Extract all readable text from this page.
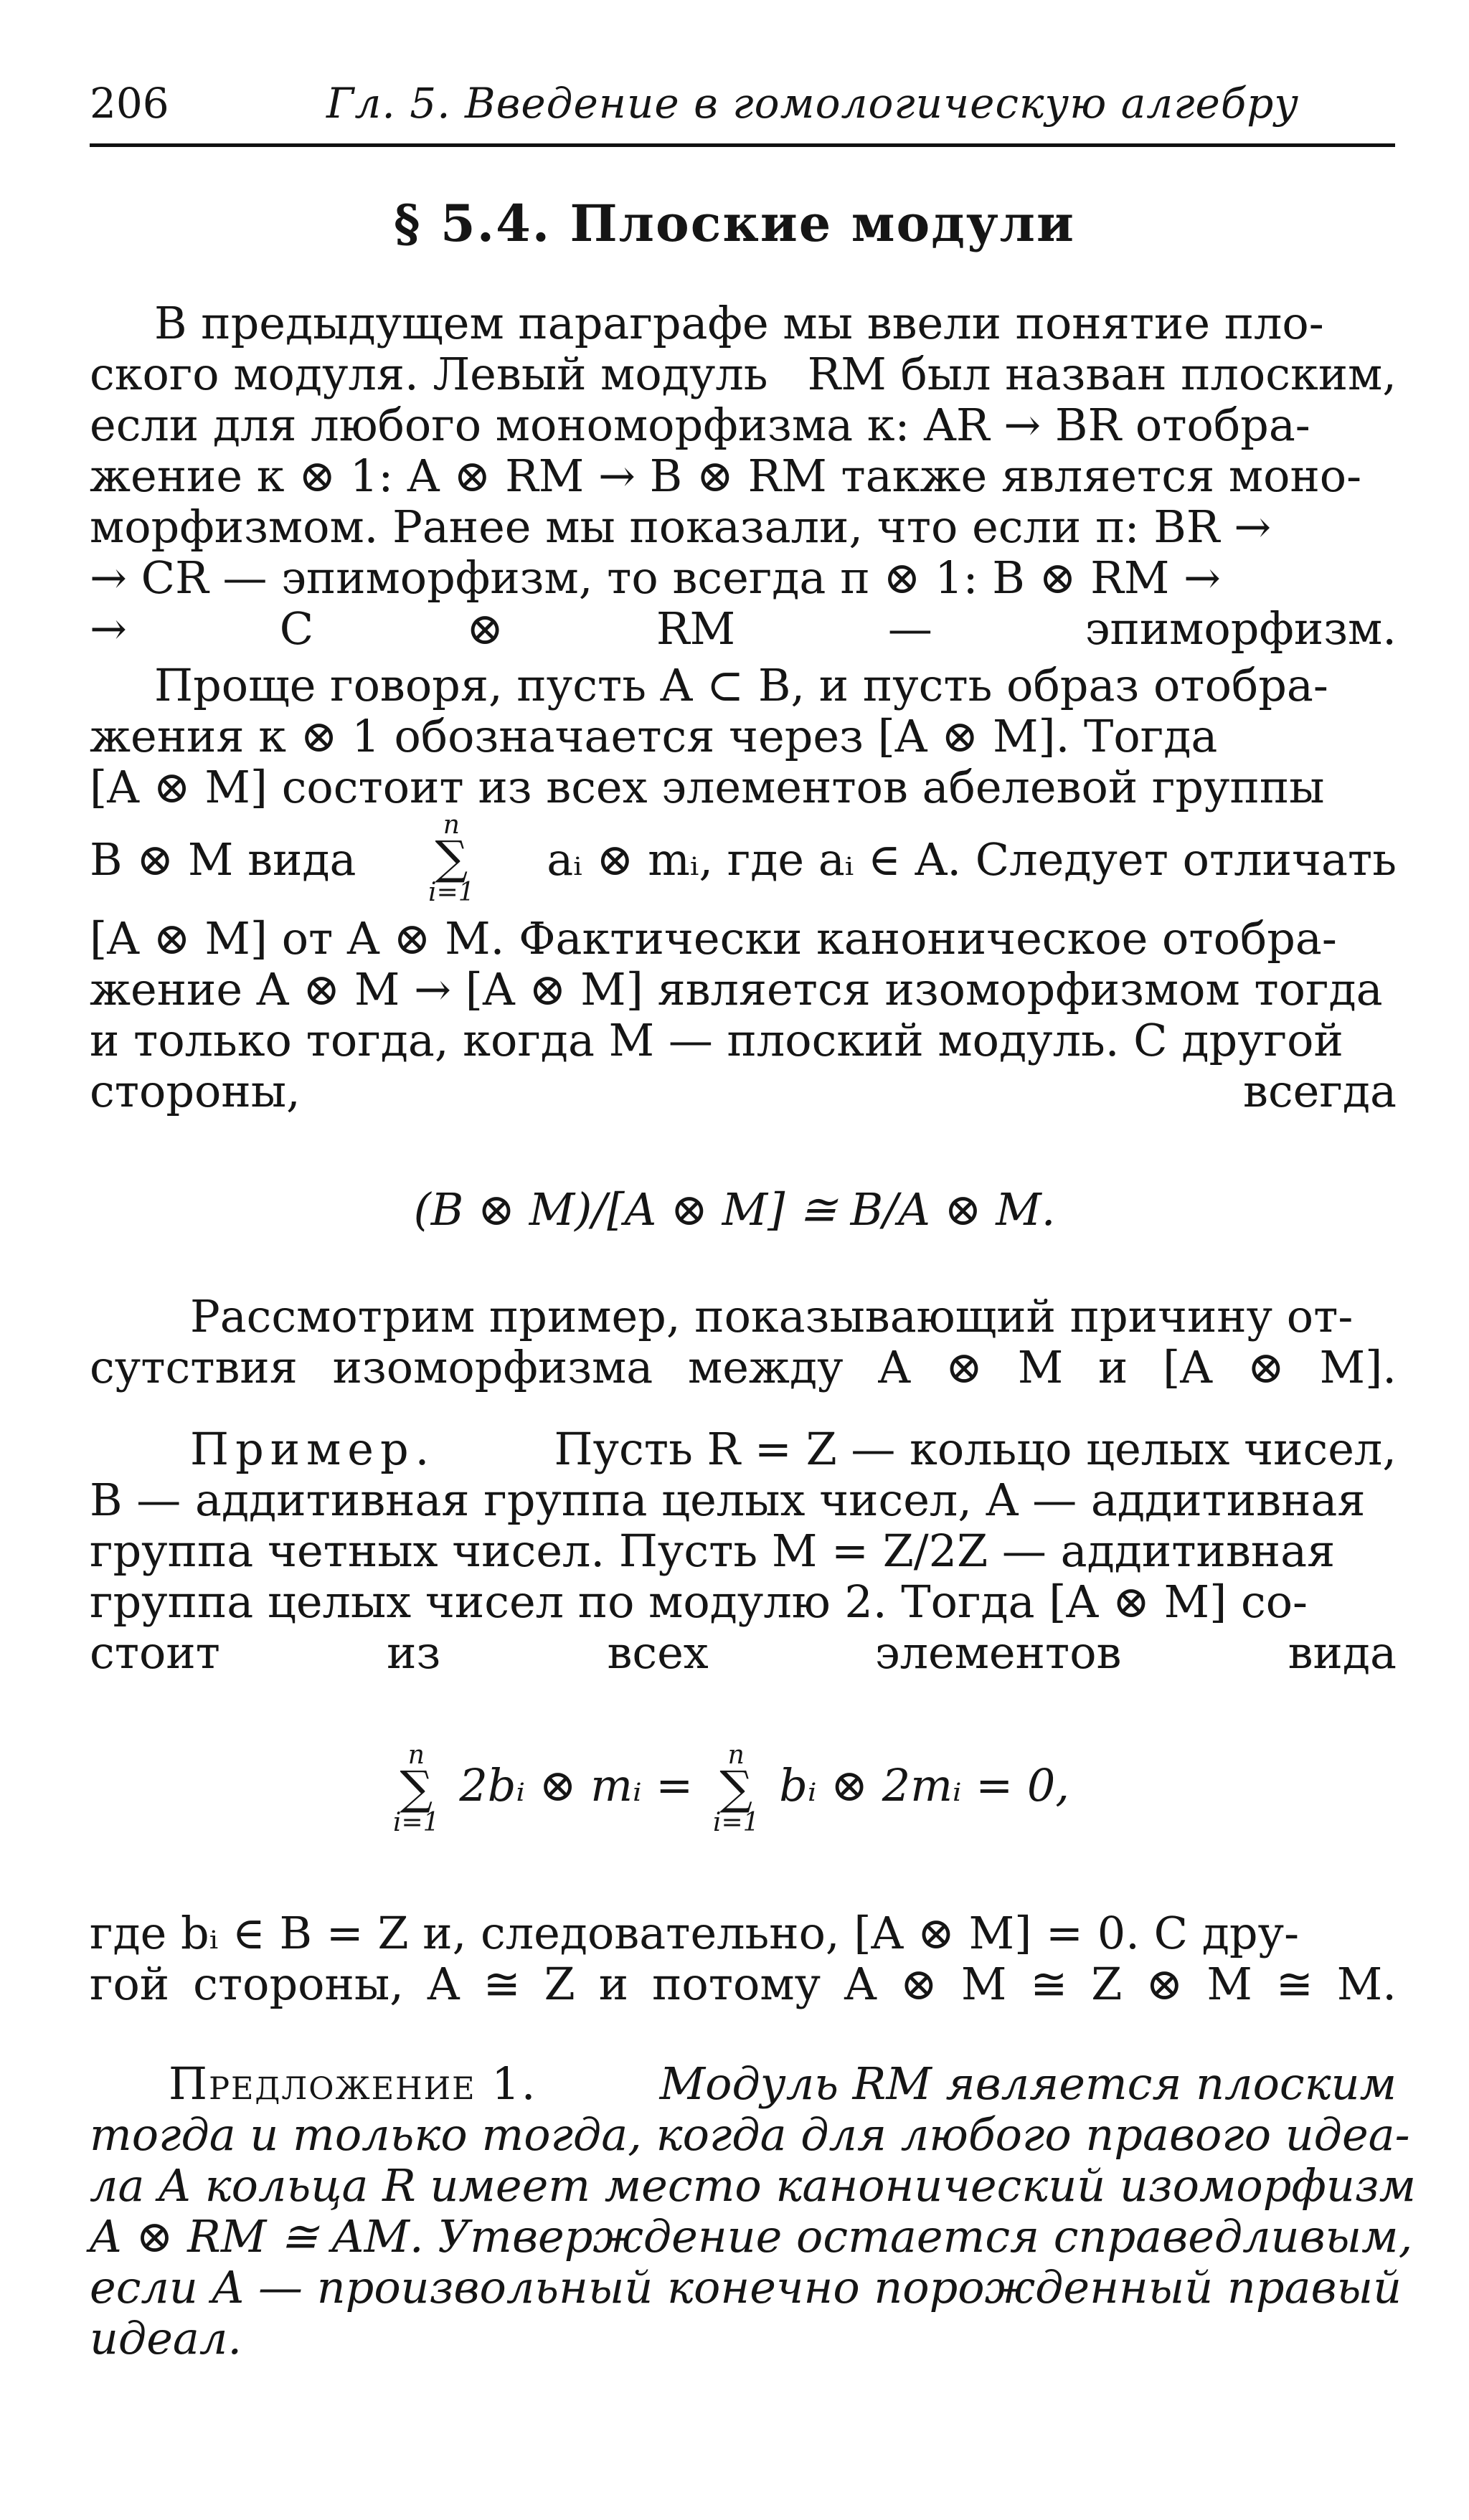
206	Гл. 5. Введение в гомологическую алгебру
§ 5.4. Плоские модули
В предыдущем параграфе мы ввели понятие пло-
ского модуля. Левый модуль RM был назван плоским,
если для любого мономорфизма κ: AR → BR отобра-
жение κ ⊗ 1: A ⊗ RM → B ⊗ RM также является моно-
морфизмом. Ранее мы показали, что если π: BR →
→ CR — эпиморфизм, то всегда π ⊗ 1: B ⊗ RM →
→ C ⊗ RM — эпиморфизм.
Проще говоря, пусть A ⊂ B, и пусть образ отобра-
жения κ ⊗ 1 обозначается через [A ⊗ M]. Тогда
[A ⊗ M] состоит из всех элементов абелевой группы
B ⊗ M вида
n
∑
i=1
aᵢ ⊗ mᵢ, где aᵢ ∈ A. Следует отличать
[A ⊗ M] от A ⊗ M. Фактически каноническое отобра-
жение A ⊗ M → [A ⊗ M] является изоморфизмом тогда
и только тогда, когда M — плоский модуль. С другой
стороны, всегда
(B ⊗ M)/[A ⊗ M] ≅ B/A ⊗ M.
Рассмотрим пример, показывающий причину от-
сутствия изоморфизма между A ⊗ M и [A ⊗ M].
Пример.	Пусть R = Z — кольцо целых чисел,
B — аддитивная группа целых чисел, A — аддитивная
группа четных чисел. Пусть M = Z/2Z — аддитивная
группа целых чисел по модулю 2. Тогда [A ⊗ M] со-
стоит из всех элементов вида
n
∑
i=1
2bᵢ ⊗ mᵢ =
n
∑
i=1
bᵢ ⊗ 2mᵢ = 0,
где bᵢ ∈ B = Z и, следовательно, [A ⊗ M] = 0. С дру-
гой стороны, A ≅ Z и потому A ⊗ M ≅ Z ⊗ M ≅ M.
Предложение 1.	Модуль RM является плоским
тогда и только тогда, когда для любого правого идеа-
ла A кольца R имеет место канонический изоморфизм
A ⊗ RM ≅ AM. Утверждение остается справедливым,
если A — произвольный конечно порожденный правый
идеал.
